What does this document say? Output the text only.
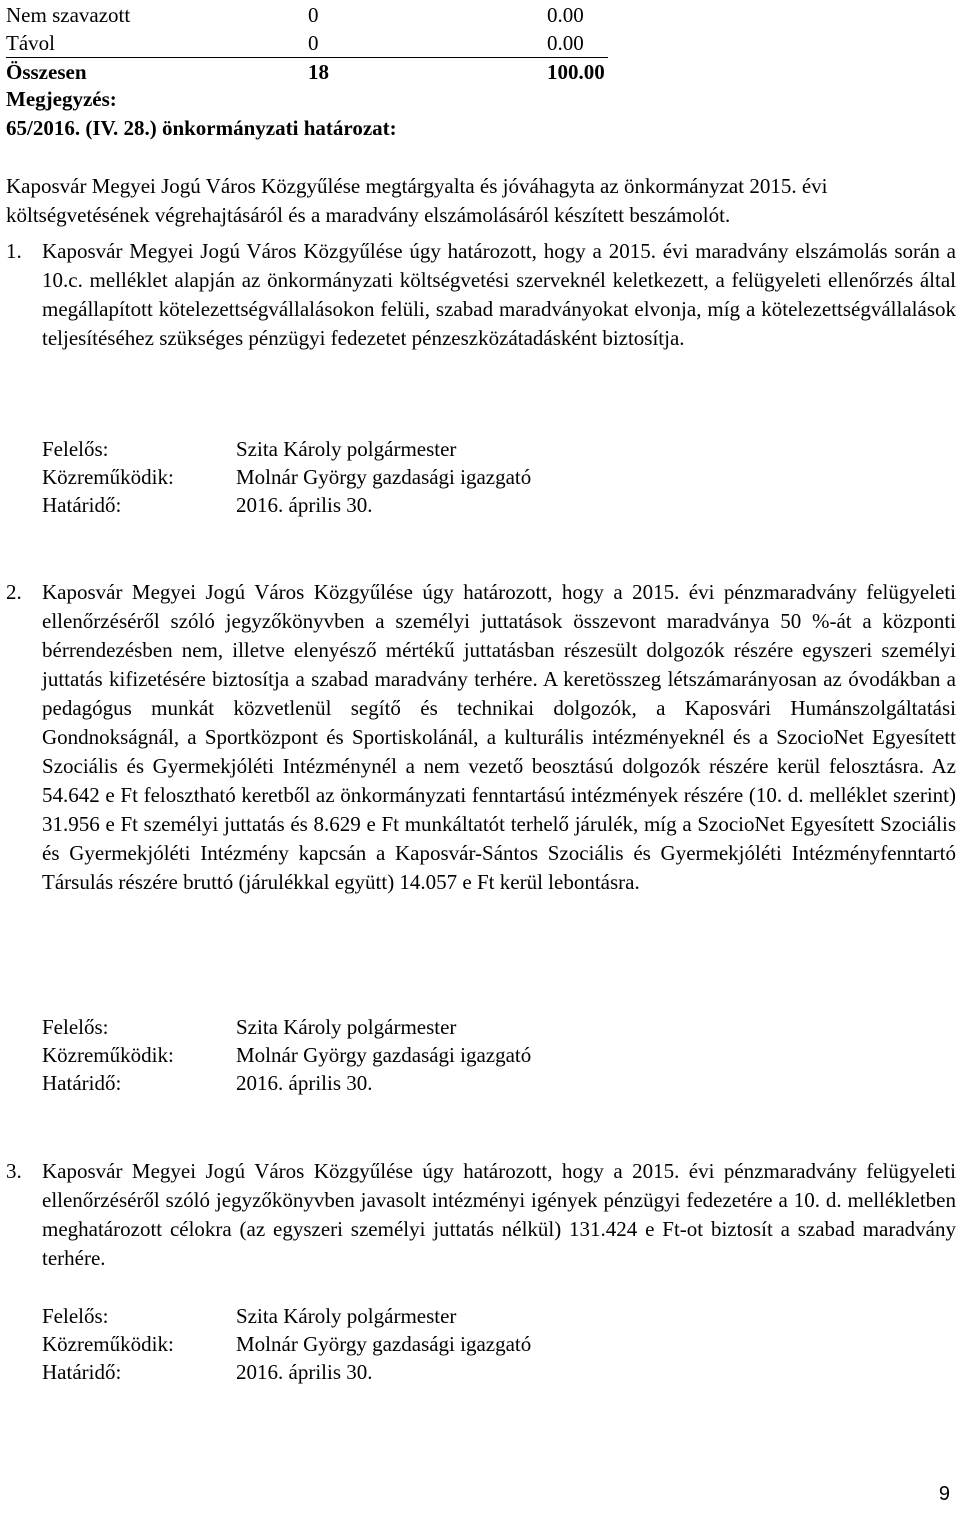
Nem szavazott	0	0.00
Távol	0	0.00
Összesen	18	100.00
Megjegyzés:
65/2016. (IV. 28.) önkormányzati határozat:
Kaposvár Megyei Jogú Város Közgyűlése megtárgyalta és jóváhagyta az önkormányzat 2015. évi költségvetésének végrehajtásáról és a maradvány elszámolásáról készített beszámolót.
1. Kaposvár Megyei Jogú Város Közgyűlése úgy határozott, hogy a 2015. évi maradvány elszámolás során a 10.c. melléklet alapján az önkormányzati költségvetési szerveknél keletkezett, a felügyeleti ellenőrzés által megállapított kötelezettségvállalásokon felüli, szabad maradványokat elvonja, míg a kötelezettségvállalások teljesítéséhez szükséges pénzügyi fedezetet pénzeszközátadásként biztosítja.
Felelős:	Szita Károly polgármester
Közreműködik:	Molnár György gazdasági igazgató
Határidő:	2016. április 30.
2. Kaposvár Megyei Jogú Város Közgyűlése úgy határozott, hogy a 2015. évi pénzmaradvány felügyeleti ellenőrzéséről szóló jegyzőkönyvben a személyi juttatások összevont maradványa 50 %-át a központi bérrendezésben nem, illetve elenyésző mértékű juttatásban részesült dolgozók részére egyszeri személyi juttatás kifizetésére biztosítja a szabad maradvány terhére. A keretösszeg létszámarányosan az óvodákban a pedagógus munkát közvetlenül segítő és technikai dolgozók, a Kaposvári Humánszolgáltatási Gondnokságnál, a Sportközpont és Sportiskolánál, a kulturális intézményeknél és a SzocioNet Egyesített Szociális és Gyermekjóléti Intézménynél a nem vezető beosztású dolgozók részére kerül felosztásra. Az 54.642 e Ft felosztható keretből az önkormányzati fenntartású intézmények részére (10. d. melléklet szerint) 31.956 e Ft személyi juttatás és 8.629 e Ft munkáltatót terhelő járulék, míg a SzocioNet Egyesített Szociális és Gyermekjóléti Intézmény kapcsán a Kaposvár-Sántos Szociális és Gyermekjóléti Intézményfenntartó Társulás részére bruttó (járulékkal együtt) 14.057 e Ft kerül lebontásra.
Felelős:	Szita Károly polgármester
Közreműködik:	Molnár György gazdasági igazgató
Határidő:	2016. április 30.
3. Kaposvár Megyei Jogú Város Közgyűlése úgy határozott, hogy a 2015. évi pénzmaradvány felügyeleti ellenőrzéséről szóló jegyzőkönyvben javasolt intézményi igények pénzügyi fedezetére a 10. d. mellékletben meghatározott célokra (az egyszeri személyi juttatás nélkül) 131.424 e Ft-ot biztosít a szabad maradvány terhére.
Felelős:	Szita Károly polgármester
Közreműködik:	Molnár György gazdasági igazgató
Határidő:	2016. április 30.
9
